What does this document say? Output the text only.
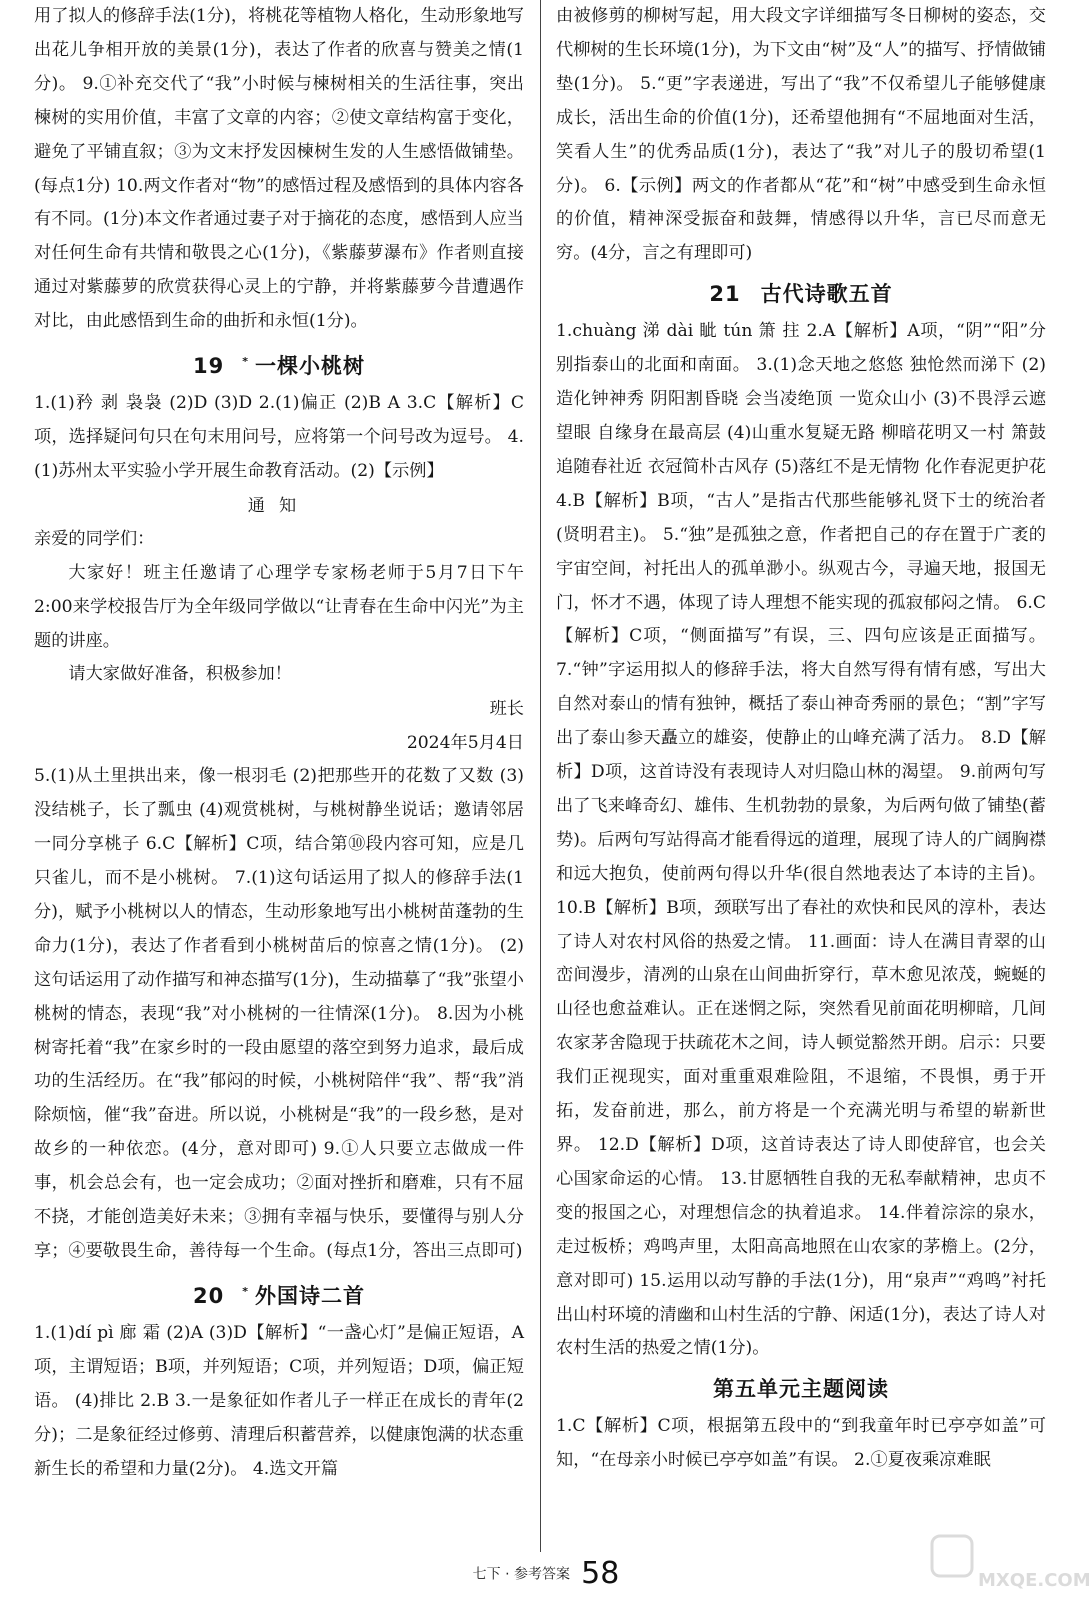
用了拟人的修辞手法(1分)，将桃花等植物人格化，生动形象地写出花儿争相开放的美景(1分)，表达了作者的欣喜与赞美之情(1分)。 9.①补充交代了“我”小时候与楝树相关的生活往事，突出楝树的实用价值，丰富了文章的内容；②使文章结构富于变化，避免了平铺直叙；③为文末抒发因楝树生发的人生感悟做铺垫。(每点1分) 10.两文作者对“物”的感悟过程及感悟到的具体内容各有不同。(1分)本文作者通过妻子对于摘花的态度，感悟到人应当对任何生命有共情和敬畏之心(1分)，《紫藤萝瀑布》作者则直接通过对紫藤萝的欣赏获得心灵上的宁静，并将紫藤萝今昔遭遇作对比，由此感悟到生命的曲折和永恒(1分)。

19 * 一棵小桃树

1.(1)矜 剥 袅袅 (2)D (3)D 2.(1)偏正 (2)B A 3.C【解析】C项，选择疑问句只在句末用问号，应将第一个问号改为逗号。 4.(1)苏州太平实验小学开展生命教育活动。(2)【示例】

通知

亲爱的同学们：

大家好！班主任邀请了心理学专家杨老师于5月7日下午2:00来学校报告厅为全年级同学做以“让青春在生命中闪光”为主题的讲座。

请大家做好准备，积极参加！

班长

2024年5月4日

5.(1)从土里拱出来，像一根羽毛 (2)把那些开的花数了又数 (3)没结桃子，长了瓢虫 (4)观赏桃树，与桃树静坐说话；邀请邻居一同分享桃子 6.C【解析】C项，结合第⑩段内容可知，应是几只雀儿，而不是小桃树。 7.(1)这句话运用了拟人的修辞手法(1分)，赋予小桃树以人的情态，生动形象地写出小桃树苗蓬勃的生命力(1分)，表达了作者看到小桃树苗后的惊喜之情(1分)。 (2)这句话运用了动作描写和神态描写(1分)，生动描摹了“我”张望小桃树的情态，表现“我”对小桃树的一往情深(1分)。 8.因为小桃树寄托着“我”在家乡时的一段由愿望的落空到努力追求，最后成功的生活经历。在“我”郁闷的时候，小桃树陪伴“我”、帮“我”消除烦恼，催“我”奋进。所以说，小桃树是“我”的一段乡愁，是对故乡的一种依恋。(4分，意对即可) 9.①人只要立志做成一件事，机会总会有，也一定会成功；②面对挫折和磨难，只有不屈不挠，才能创造美好未来；③拥有幸福与快乐，要懂得与别人分享；④要敬畏生命，善待每一个生命。(每点1分，答出三点即可)

20 * 外国诗二首

1.(1)dí pì 廊 霜 (2)A (3)D【解析】“一盏心灯”是偏正短语，A项，主谓短语；B项，并列短语；C项，并列短语；D项，偏正短语。 (4)排比 2.B 3.一是象征如作者儿子一样正在成长的青年(2分)；二是象征经过修剪、清理后积蓄营养，以健康饱满的状态重新生长的希望和力量(2分)。 4.选文开篇

由被修剪的柳树写起，用大段文字详细描写冬日柳树的姿态，交代柳树的生长环境(1分)，为下文由“树”及“人”的描写、抒情做铺垫(1分)。 5.“更”字表递进，写出了“我”不仅希望儿子能够健康成长，活出生命的价值(1分)，还希望他拥有“不屈地面对生活，笑看人生”的优秀品质(1分)，表达了“我”对儿子的殷切希望(1分)。 6.【示例】两文的作者都从“花”和“树”中感受到生命永恒的价值，精神深受振奋和鼓舞，情感得以升华，言已尽而意无穷。(4分，言之有理即可)

21 古代诗歌五首

1.chuàng 涕 dài 眦 tún 箫 拄 2.A【解析】A项，“阴”“阳”分别指泰山的北面和南面。 3.(1)念天地之悠悠 独怆然而涕下 (2)造化钟神秀 阴阳割昏晓 会当凌绝顶 一览众山小 (3)不畏浮云遮望眼 自缘身在最高层 (4)山重水复疑无路 柳暗花明又一村 箫鼓追随春社近 衣冠简朴古风存 (5)落红不是无情物 化作春泥更护花 4.B【解析】B项，“古人”是指古代那些能够礼贤下士的统治者(贤明君主)。 5.“独”是孤独之意，作者把自己的存在置于广袤的宇宙空间，衬托出人的孤单渺小。纵观古今，寻遍天地，报国无门，怀才不遇，体现了诗人理想不能实现的孤寂郁闷之情。 6.C【解析】C项，“侧面描写”有误，三、四句应该是正面描写。 7.“钟”字运用拟人的修辞手法，将大自然写得有情有感，写出大自然对泰山的情有独钟，概括了泰山神奇秀丽的景色；“割”字写出了泰山参天矗立的雄姿，使静止的山峰充满了活力。 8.D【解析】D项，这首诗没有表现诗人对归隐山林的渴望。 9.前两句写出了飞来峰奇幻、雄伟、生机勃勃的景象，为后两句做了铺垫(蓄势)。后两句写站得高才能看得远的道理，展现了诗人的广阔胸襟和远大抱负，使前两句得以升华(很自然地表达了本诗的主旨)。 10.B【解析】B项，颈联写出了春社的欢快和民风的淳朴，表达了诗人对农村风俗的热爱之情。 11.画面：诗人在满目青翠的山峦间漫步，清冽的山泉在山间曲折穿行，草木愈见浓茂，蜿蜒的山径也愈益难认。正在迷惘之际，突然看见前面花明柳暗，几间农家茅舍隐现于扶疏花木之间，诗人顿觉豁然开朗。启示：只要我们正视现实，面对重重艰难险阻，不退缩，不畏惧，勇于开拓，发奋前进，那么，前方将是一个充满光明与希望的崭新世界。 12.D【解析】D项，这首诗表达了诗人即使辞官，也会关心国家命运的心情。 13.甘愿牺牲自我的无私奉献精神，忠贞不变的报国之心，对理想信念的执着追求。 14.伴着淙淙的泉水，走过板桥；鸡鸣声里，太阳高高地照在山农家的茅檐上。(2分，意对即可) 15.运用以动写静的手法(1分)，用“泉声”“鸡鸣”衬托出山村环境的清幽和山村生活的宁静、闲适(1分)，表达了诗人对农村生活的热爱之情(1分)。

第五单元主题阅读

1.C【解析】C项，根据第五段中的“到我童年时已亭亭如盖”可知，“在母亲小时候已亭亭如盖”有误。 2.①夏夜乘凉难眠

七下 · 参考答案 58	MXQE.COM
